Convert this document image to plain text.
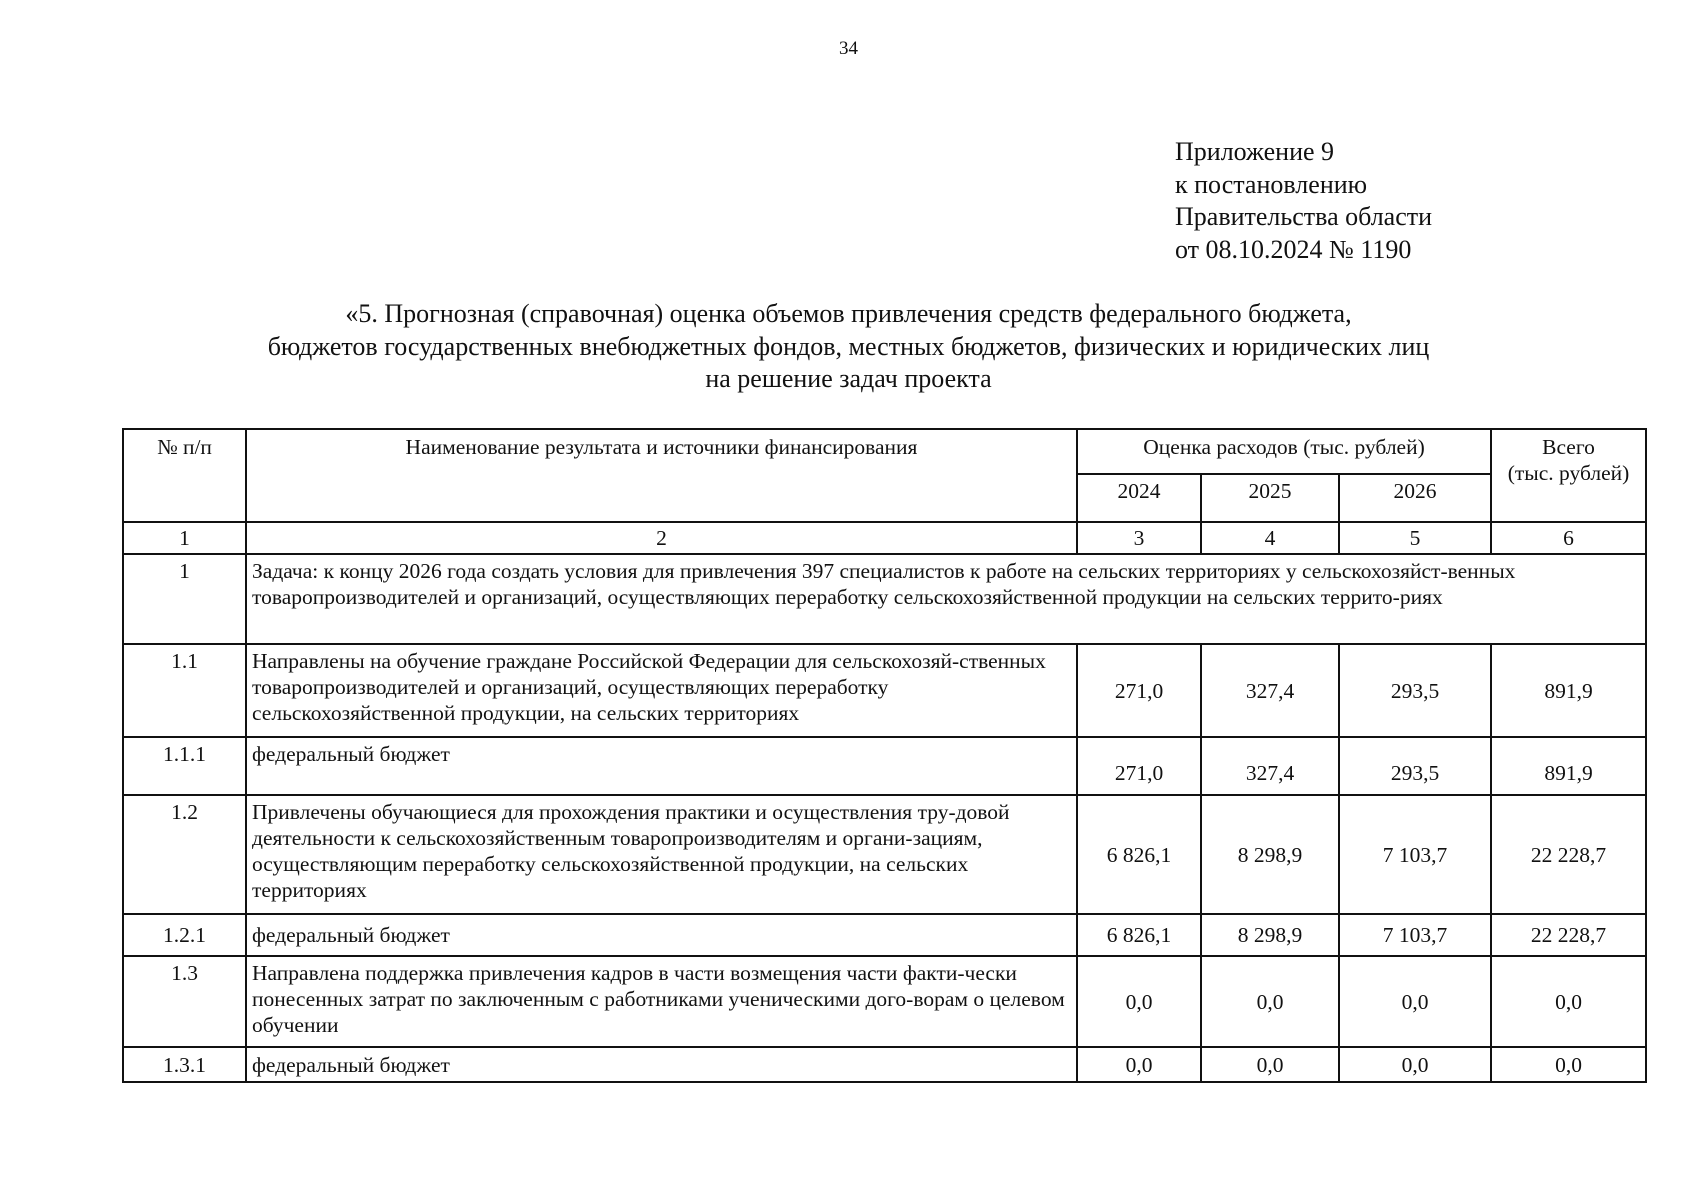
34
Приложение 9
к постановлению
Правительства области
от 08.10.2024 № 1190
«5. Прогнозная (справочная) оценка объемов привлечения средств федерального бюджета,
бюджетов государственных внебюджетных фондов, местных бюджетов, физических и юридических лиц
на решение задач проекта
№ п/п	Наименование результата и источники финансирования	Оценка расходов (тыс. рублей)			Всего
(тыс. рублей)

		2024	2025	2026	
1	2	3	4	5	6
1	Задача: к концу 2026 года создать условия для привлечения 397 специалистов к работе на сельских территориях у сельскохозяйст-венных товаропроизводителей и организаций, осуществляющих переработку сельскохозяйственной продукции на сельских террито-риях				
1.1	Направлены на обучение граждане Российской Федерации для сельскохозяй-ственных товаропроизводителей и организаций, осуществляющих переработку сельскохозяйственной продукции, на сельских территориях	271,0	327,4	293,5	891,9
1.1.1	федеральный бюджет	271,0	327,4	293,5	891,9
1.2	Привлечены обучающиеся для прохождения практики и осуществления тру-довой деятельности к сельскохозяйственным товаропроизводителям и органи-зациям, осуществляющим переработку сельскохозяйственной продукции, на сельских территориях	6 826,1	8 298,9	7 103,7	22 228,7
1.2.1	федеральный бюджет	6 826,1	8 298,9	7 103,7	22 228,7
1.3	Направлена поддержка привлечения кадров в части возмещения части факти-чески понесенных затрат по заключенным с работниками ученическими дого-ворам о целевом обучении	0,0	0,0	0,0	0,0
1.3.1	федеральный бюджет	0,0	0,0	0,0	0,0
